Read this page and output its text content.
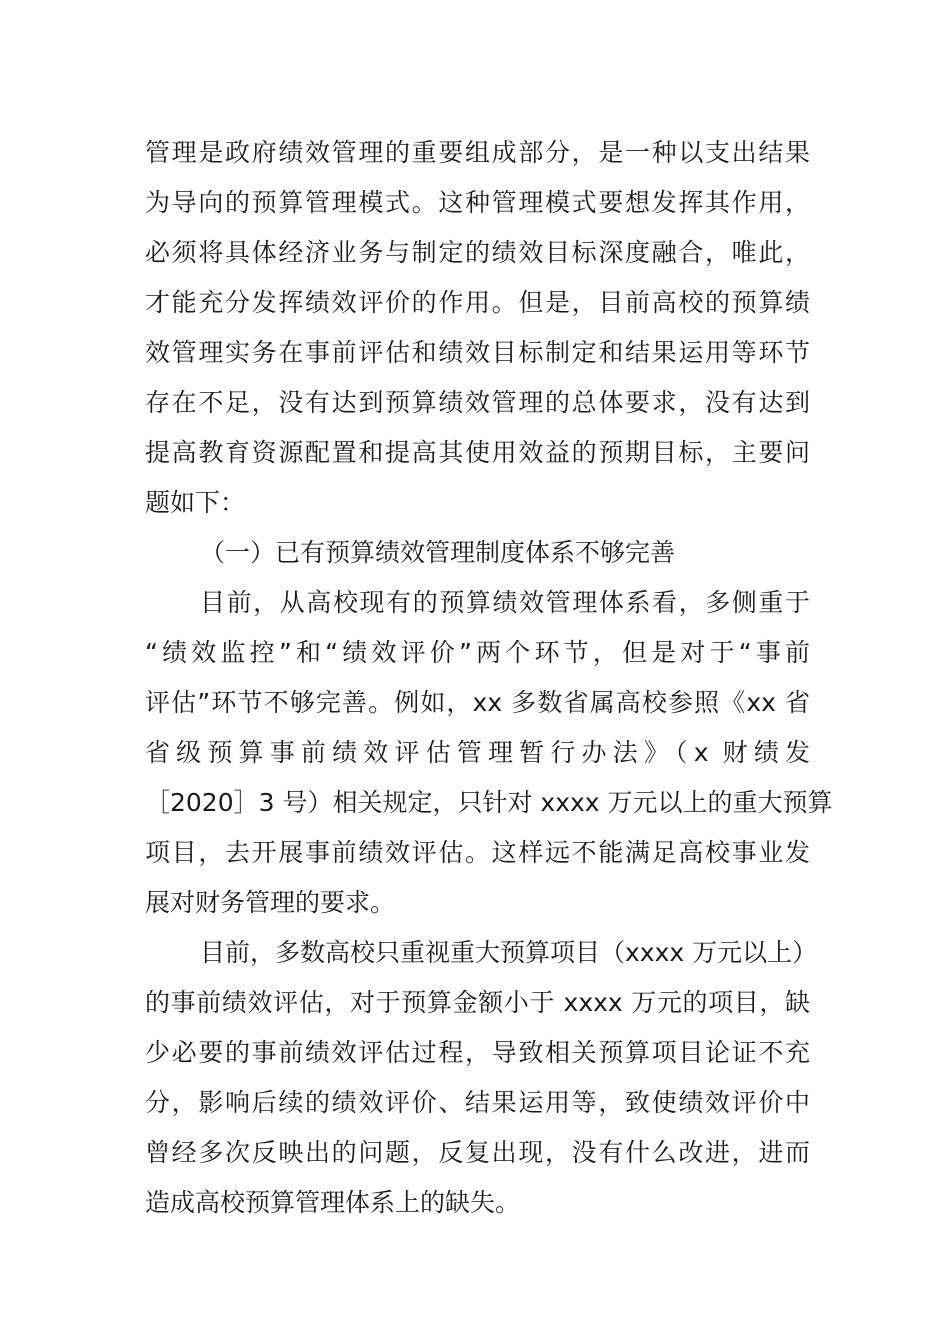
管理是政府绩效管理的重要组成部分，是一种以支出结果
为导向的预算管理模式。这种管理模式要想发挥其作用，
必须将具体经济业务与制定的绩效目标深度融合，唯此，
才能充分发挥绩效评价的作用。但是，目前高校的预算绩
效管理实务在事前评估和绩效目标制定和结果运用等环节
存在不足，没有达到预算绩效管理的总体要求，没有达到
提高教育资源配置和提高其使用效益的预期目标，主要问
题如下：
（一）已有预算绩效管理制度体系不够完善
目前，从高校现有的预算绩效管理体系看，多侧重于
“绩效监控”和“绩效评价”两个环节，但是对于“事前
评估”环节不够完善。例如，xx 多数省属高校参照《xx 省
省级预算事前绩效评估管理暂行办法》（x 财绩发
［2020］3 号）相关规定，只针对 xxxx 万元以上的重大预算
项目，去开展事前绩效评估。这样远不能满足高校事业发
展对财务管理的要求。
目前，多数高校只重视重大预算项目（xxxx 万元以上）
的事前绩效评估，对于预算金额小于 xxxx 万元的项目，缺
少必要的事前绩效评估过程，导致相关预算项目论证不充
分，影响后续的绩效评价、结果运用等，致使绩效评价中
曾经多次反映出的问题，反复出现，没有什么改进，进而
造成高校预算管理体系上的缺失。
